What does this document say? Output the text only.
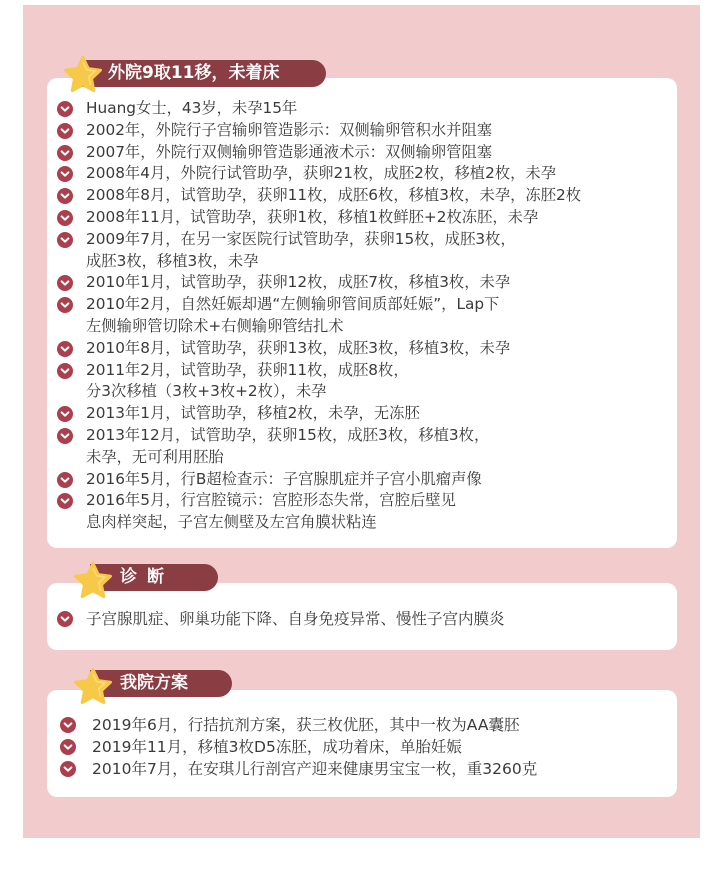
外院9取11移，未着床
诊断
我院方案
Huang女士，43岁，未孕15年
2002年，外院行子宫输卵管造影示：双侧输卵管积水并阻塞
2007年，外院行双侧输卵管造影通液术示：双侧输卵管阻塞
2008年4月，外院行试管助孕，获卵21枚，成胚2枚，移植2枚，未孕
2008年8月，试管助孕，获卵11枚，成胚6枚，移植3枚，未孕，冻胚2枚
2008年11月，试管助孕，获卵1枚，移植1枚鲜胚+2枚冻胚，未孕
2009年7月，在另一家医院行试管助孕，获卵15枚，成胚3枚，
成胚3枚，移植3枚，未孕
2010年1月，试管助孕，获卵12枚，成胚7枚，移植3枚，未孕
2010年2月，自然妊娠却遇“左侧输卵管间质部妊娠”，Lap下
左侧输卵管切除术+右侧输卵管结扎术
2010年8月，试管助孕，获卵13枚，成胚3枚，移植3枚，未孕
2011年2月，试管助孕，获卵11枚，成胚8枚，
分3次移植（3枚+3枚+2枚），未孕
2013年1月，试管助孕，移植2枚，未孕，无冻胚
2013年12月，试管助孕，获卵15枚，成胚3枚，移植3枚，
未孕，无可利用胚胎
2016年5月，行B超检查示：子宫腺肌症并子宫小肌瘤声像
2016年5月，行宫腔镜示：宫腔形态失常，宫腔后壁见
息肉样突起，子宫左侧壁及左宫角膜状粘连
子宫腺肌症、卵巢功能下降、自身免疫异常、慢性子宫内膜炎
2019年6月，行拮抗剂方案，获三枚优胚，其中一枚为AA囊胚
2019年11月，移植3枚D5冻胚，成功着床，单胎妊娠
2010年7月，在安琪儿行剖宫产迎来健康男宝宝一枚，重3260克
